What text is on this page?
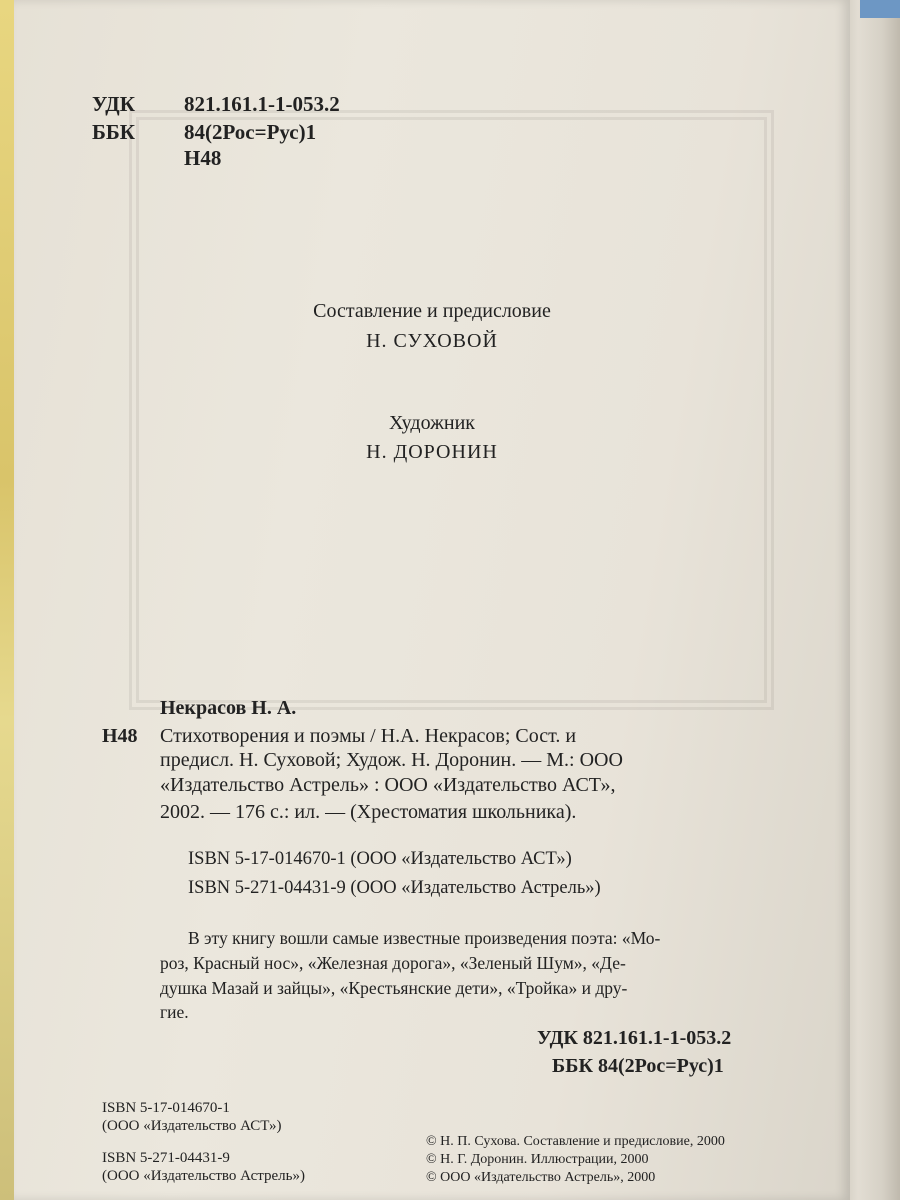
УДК 821.161.1-1-053.2
ББК 84(2Рос=Рус)1
Н48
Составление и предисловие
Н. СУХОВОЙ
Художник
Н. ДОРОНИН
Некрасов Н. А.
Н48 Стихотворения и поэмы / Н.А. Некрасов; Сост. и
предисл. Н. Суховой; Худож. Н. Доронин. — М.: ООО
«Издательство Астрель» : ООО «Издательство АСТ»,
2002. — 176 с.: ил. — (Хрестоматия школьника).
ISBN 5-17-014670-1 (ООО «Издательство АСТ»)
ISBN 5-271-04431-9 (ООО «Издательство Астрель»)
В эту книгу вошли самые известные произведения поэта: «Мо-
роз, Красный нос», «Железная дорога», «Зеленый Шум», «Де-
душка Мазай и зайцы», «Крестьянские дети», «Тройка» и дру-
гие.
УДК 821.161.1-1-053.2
ББК 84(2Рос=Рус)1
ISBN 5-17-014670-1
(ООО «Издательство АСТ»)
ISBN 5-271-04431-9
(ООО «Издательство Астрель»)
© Н. П. Сухова. Составление и предисловие, 2000
© Н. Г. Доронин. Иллюстрации, 2000
© ООО «Издательство Астрель», 2000
